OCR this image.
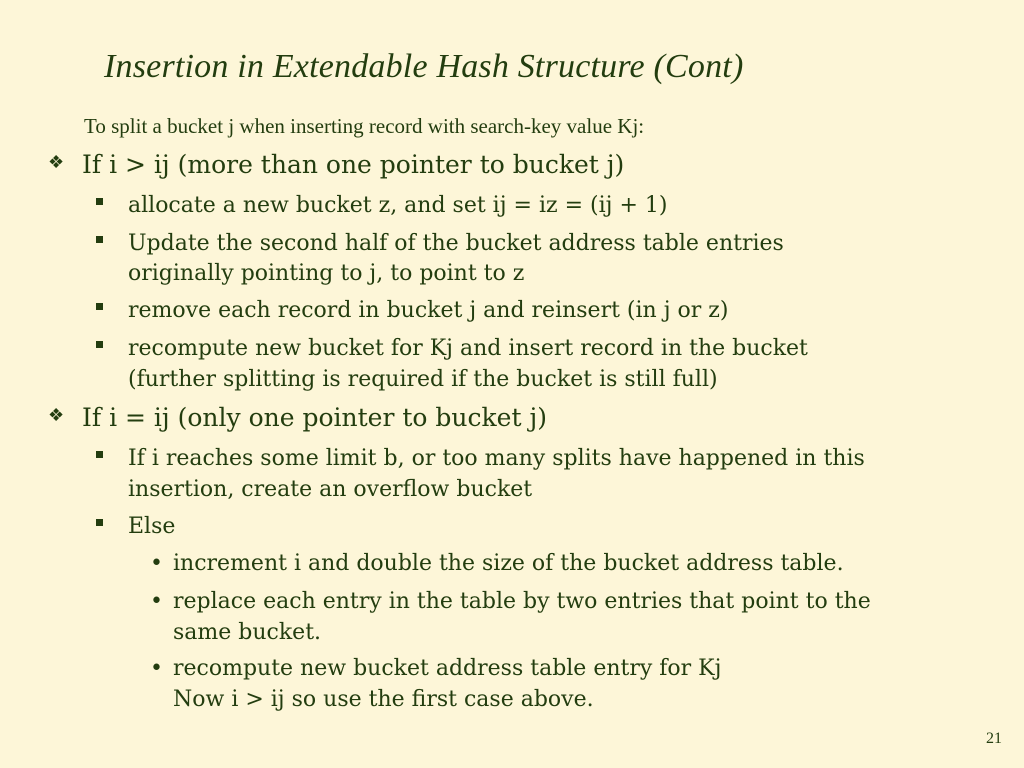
Insertion in Extendable Hash Structure (Cont)
To split a bucket j when inserting record with search-key value Kj:
❖ If i > ij (more than one pointer to bucket j)
allocate a new bucket z, and set ij = iz = (ij + 1)
Update the second half of the bucket address table entries
originally pointing to j, to point to z
remove each record in bucket j and reinsert (in j or z)
recompute new bucket for Kj and insert record in the bucket
(further splitting is required if the bucket is still full)
❖ If i = ij (only one pointer to bucket j)
If i reaches some limit b, or too many splits have happened in this
insertion, create an overflow bucket
Else
• increment i and double the size of the bucket address table.
• replace each entry in the table by two entries that point to the
same bucket.
• recompute new bucket address table entry for Kj
Now i > ij so use the first case above.
21
